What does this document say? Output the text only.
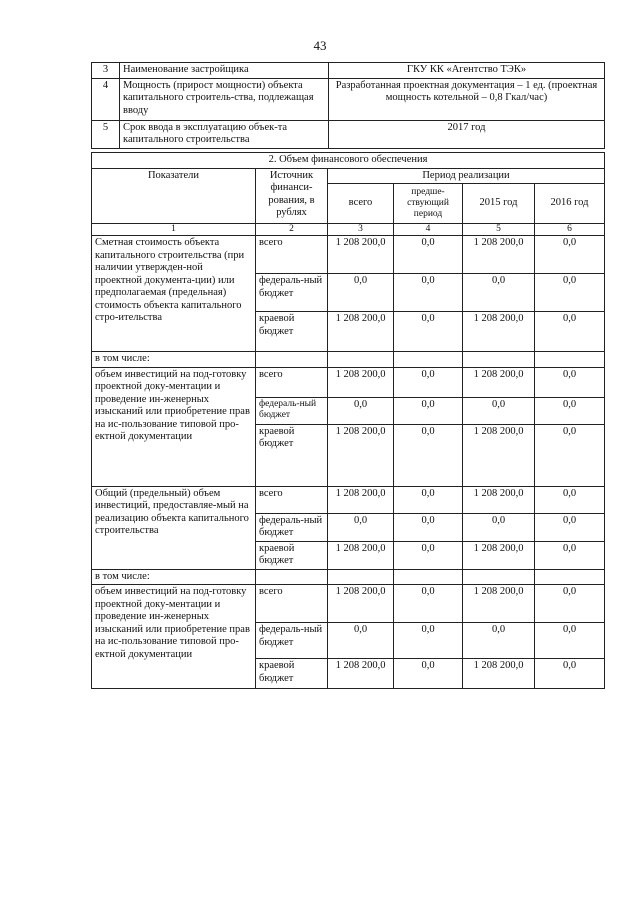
43
3	Наименование застройщика	ГКУ КК «Агентство ТЭК»
4	Мощность (прирост мощности) объекта капитального строитель-ства, подлежащая вводу	Разработанная проектная документация – 1 ед. (проектная мощность котельной – 0,8 Гкал/час)
5	Срок ввода в эксплуатацию объек-та капитального строительства	2017 год
2. Объем финансового обеспечения					
Показатели	Источник финанси-рования, в рублях	Период реализации			
		всего	предше-ствующий период	2015 год	2016 год
1	2	3	4	5	6
Сметная стоимость объекта капитального строительства (при наличии утвержден-ной проектной документа-ции) или предполагаемая (предельная) стоимость объекта капитального стро-ительства	всего	1 208 200,0	0,0	1 208 200,0	0,0
	федераль-ный бюджет	0,0	0,0	0,0	0,0
	краевой бюджет	1 208 200,0	0,0	1 208 200,0	0,0
в том числе:					
объем инвестиций на под-готовку проектной доку-ментации и проведение ин-женерных изысканий или приобретение прав на ис-пользование типовой про-ектной документации	всего	1 208 200,0	0,0	1 208 200,0	0,0
	федераль-ный бюджет	0,0	0,0	0,0	0,0
	краевой бюджет	1 208 200,0	0,0	1 208 200,0	0,0
Общий (предельный) объем инвестиций, предоставляе-мый на реализацию объекта капитального строительства	всего	1 208 200,0	0,0	1 208 200,0	0,0
	федераль-ный бюджет	0,0	0,0	0,0	0,0
	краевой бюджет	1 208 200,0	0,0	1 208 200,0	0,0
в том числе:					
объем инвестиций на под-готовку проектной доку-ментации и проведение ин-женерных изысканий или приобретение прав на ис-пользование типовой про-ектной документации	всего	1 208 200,0	0,0	1 208 200,0	0,0
	федераль-ный бюджет	0,0	0,0	0,0	0,0
	краевой бюджет	1 208 200,0	0,0	1 208 200,0	0,0
